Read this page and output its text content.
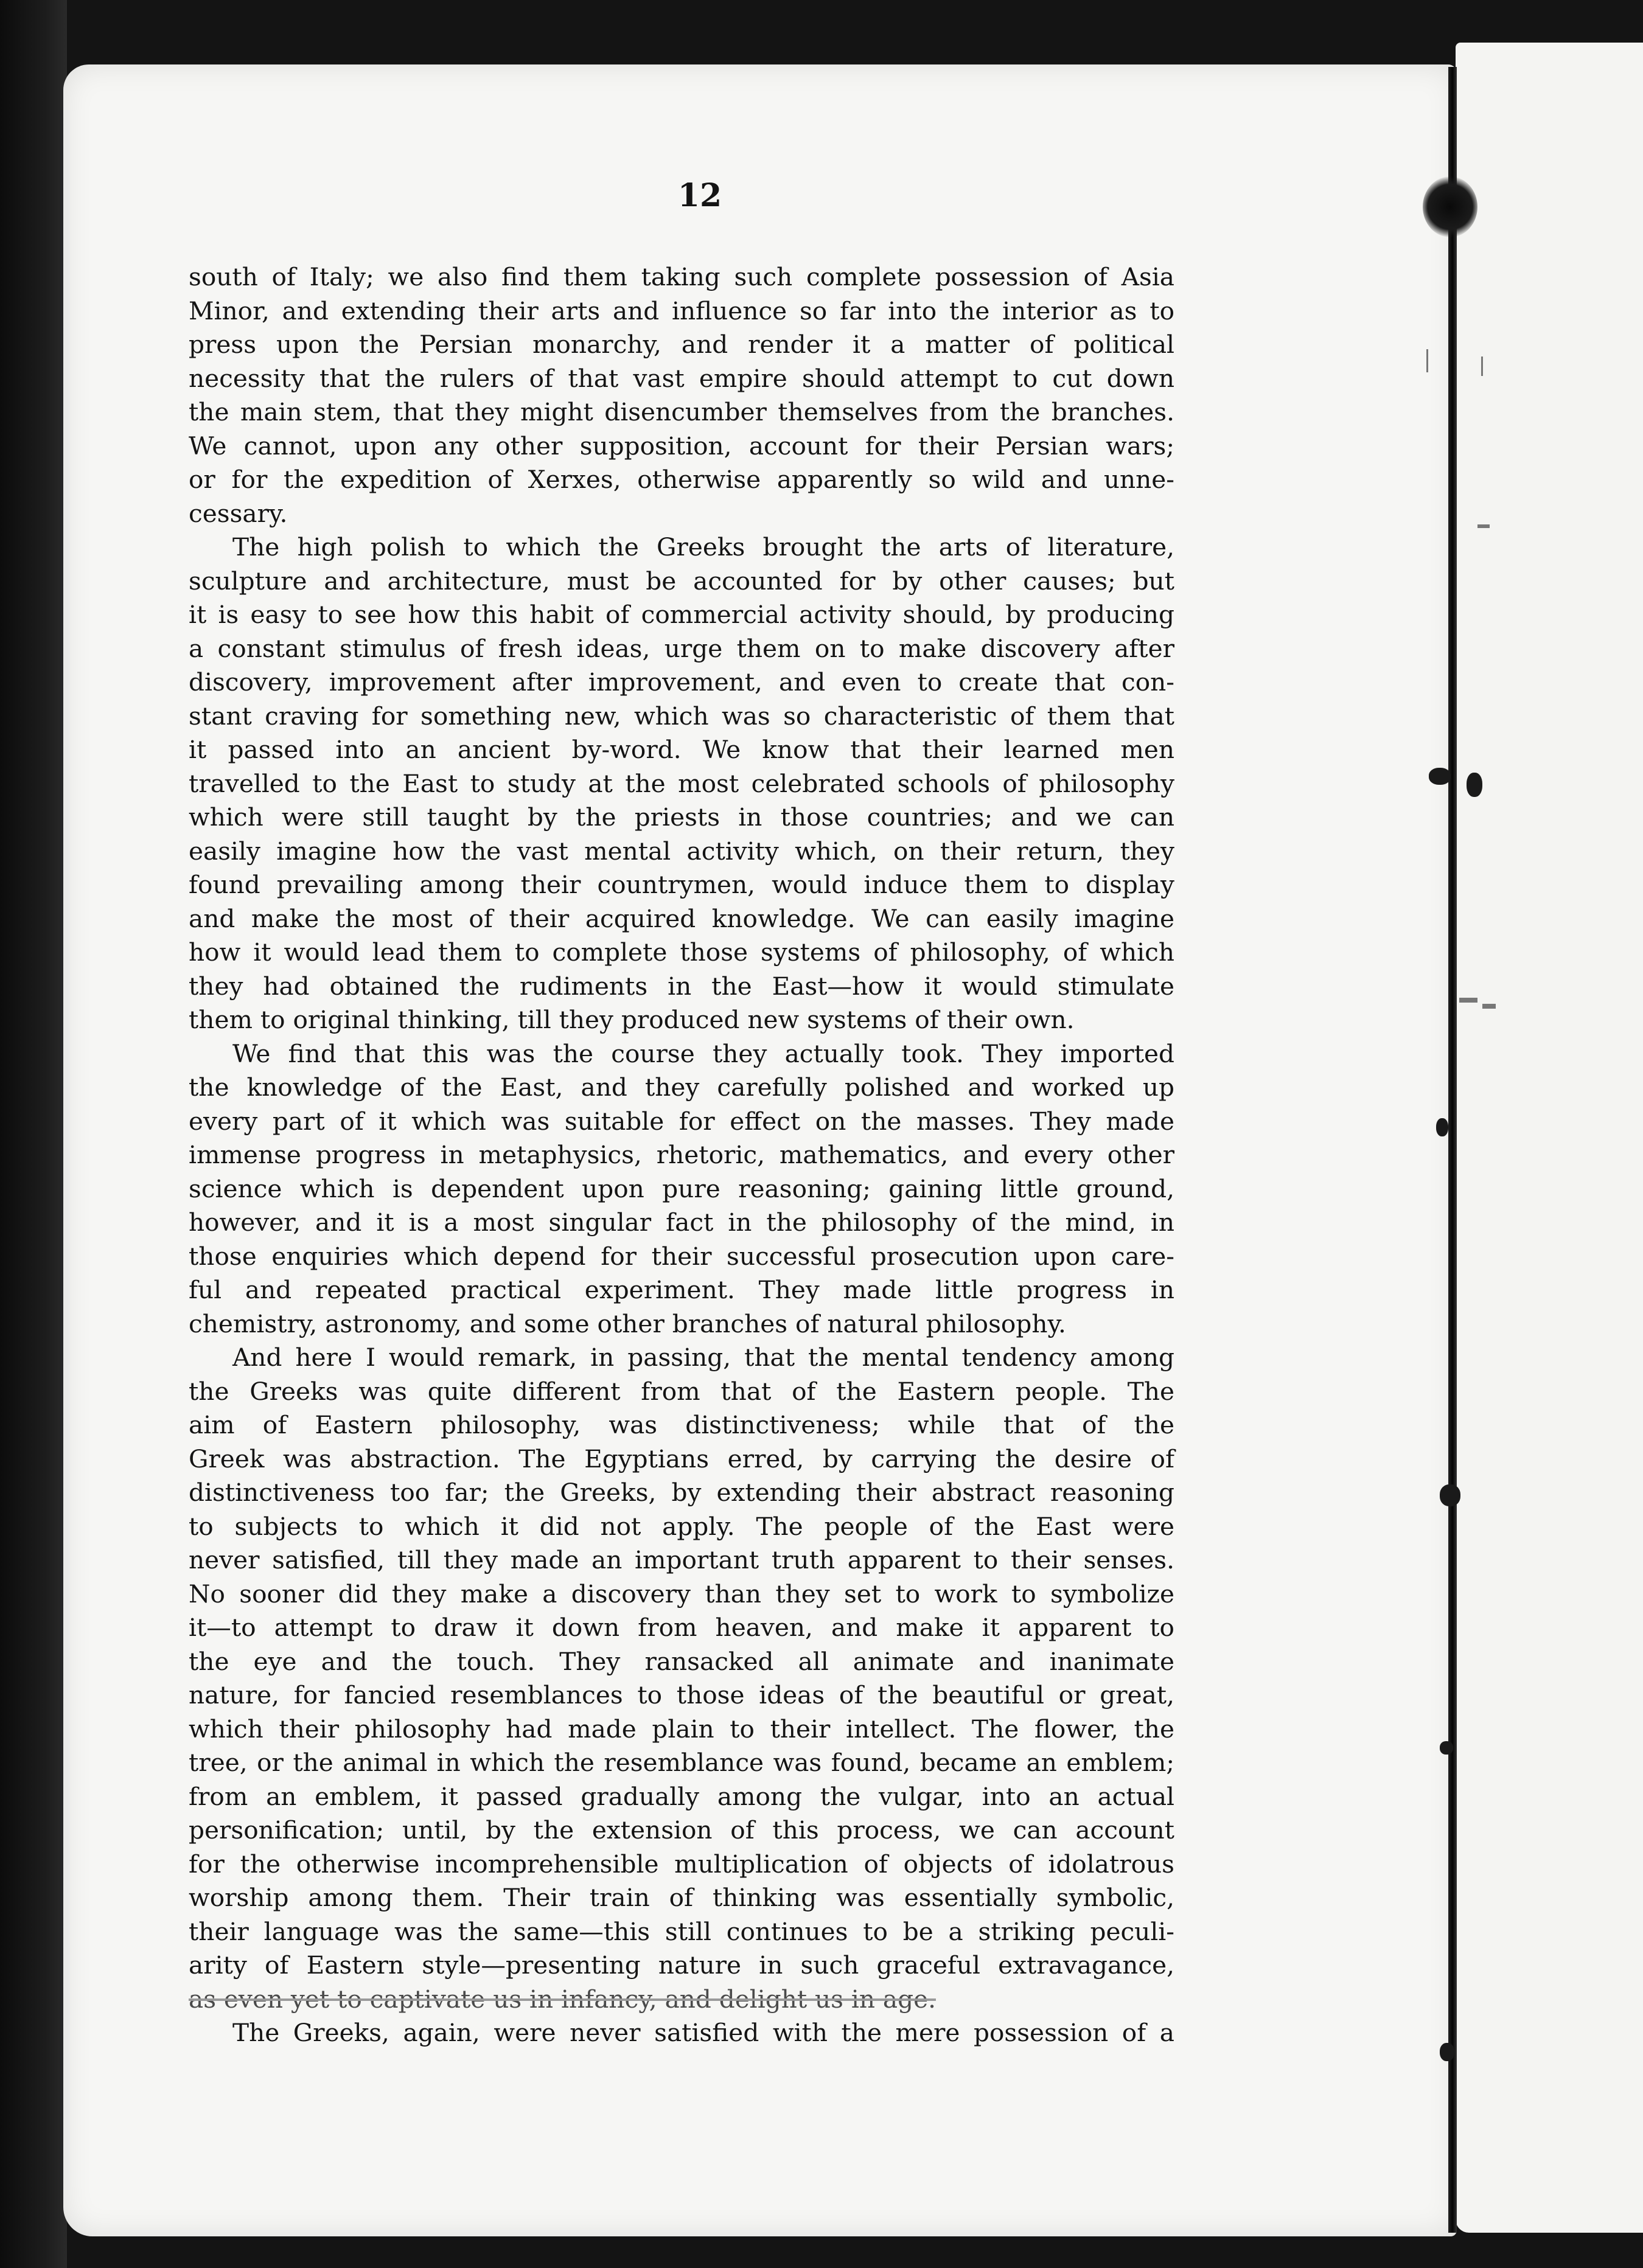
12
south of Italy; we also find them taking such complete possession of Asia
Minor, and extending their arts and influence so far into the interior as to
press upon the Persian monarchy, and render it a matter of political
necessity that the rulers of that vast empire should attempt to cut down
the main stem, that they might disencumber themselves from the branches.
We cannot, upon any other supposition, account for their Persian wars;
or for the expedition of Xerxes, otherwise apparently so wild and unne-
cessary.
The high polish to which the Greeks brought the arts of literature,
sculpture and architecture, must be accounted for by other causes; but
it is easy to see how this habit of commercial activity should, by producing
a constant stimulus of fresh ideas, urge them on to make discovery after
discovery, improvement after improvement, and even to create that con-
stant craving for something new, which was so characteristic of them that
it passed into an ancient by-word. We know that their learned men
travelled to the East to study at the most celebrated schools of philosophy
which were still taught by the priests in those countries; and we can
easily imagine how the vast mental activity which, on their return, they
found prevailing among their countrymen, would induce them to display
and make the most of their acquired knowledge. We can easily imagine
how it would lead them to complete those systems of philosophy, of which
they had obtained the rudiments in the East—how it would stimulate
them to original thinking, till they produced new systems of their own.
We find that this was the course they actually took. They imported
the knowledge of the East, and they carefully polished and worked up
every part of it which was suitable for effect on the masses. They made
immense progress in metaphysics, rhetoric, mathematics, and every other
science which is dependent upon pure reasoning; gaining little ground,
however, and it is a most singular fact in the philosophy of the mind, in
those enquiries which depend for their successful prosecution upon care-
ful and repeated practical experiment. They made little progress in
chemistry, astronomy, and some other branches of natural philosophy.
And here I would remark, in passing, that the mental tendency among
the Greeks was quite different from that of the Eastern people. The
aim of Eastern philosophy, was distinctiveness; while that of the
Greek was abstraction. The Egyptians erred, by carrying the desire of
distinctiveness too far; the Greeks, by extending their abstract reasoning
to subjects to which it did not apply. The people of the East were
never satisfied, till they made an important truth apparent to their senses.
No sooner did they make a discovery than they set to work to symbolize
it—to attempt to draw it down from heaven, and make it apparent to
the eye and the touch. They ransacked all animate and inanimate
nature, for fancied resemblances to those ideas of the beautiful or great,
which their philosophy had made plain to their intellect. The flower, the
tree, or the animal in which the resemblance was found, became an emblem;
from an emblem, it passed gradually among the vulgar, into an actual
personification; until, by the extension of this process, we can account
for the otherwise incomprehensible multiplication of objects of idolatrous
worship among them. Their train of thinking was essentially symbolic,
their language was the same—this still continues to be a striking peculi-
arity of Eastern style—presenting nature in such graceful extravagance,
as even yet to captivate us in infancy, and delight us in age.
The Greeks, again, were never satisfied with the mere possession of a
